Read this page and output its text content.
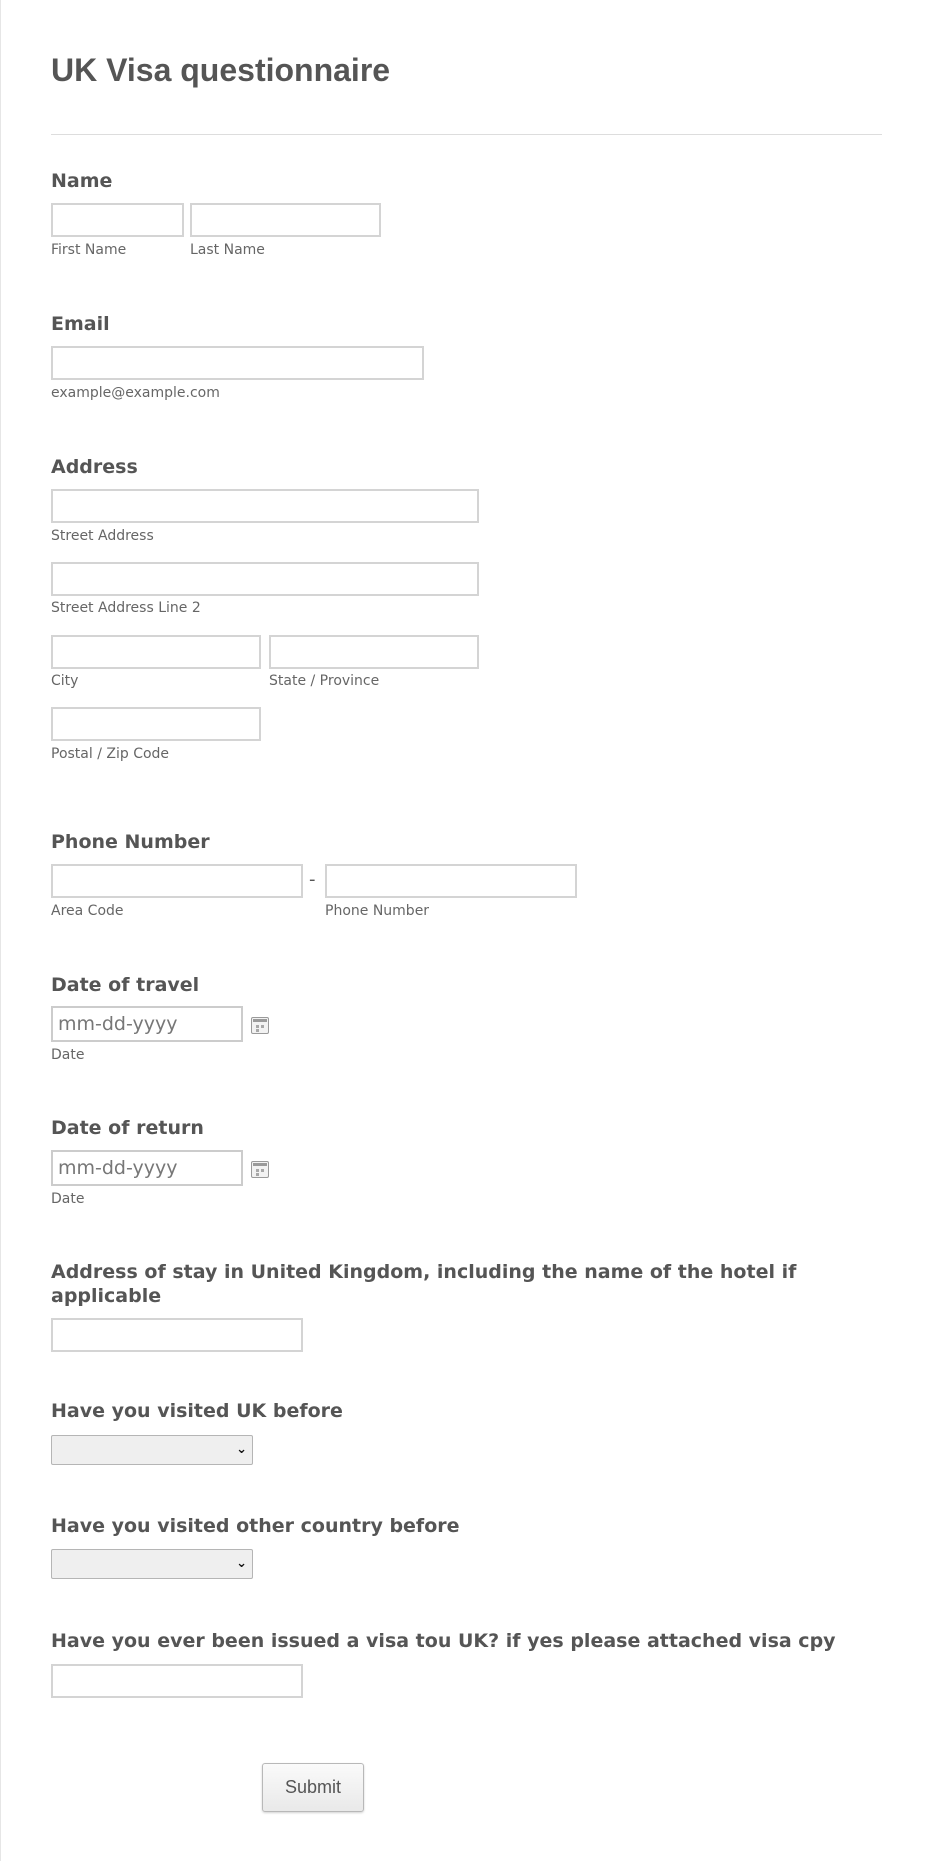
UK Visa questionnaire
Name
First Name	Last Name
Email
example@example.com
Address
Street Address
Street Address Line 2
City	State / Province
Postal / Zip Code
Phone Number
-
Area Code	Phone Number
Date of travel
mm-dd-yyyy
Date
Date of return
mm-dd-yyyy
Date
Address of stay in United Kingdom, including the name of the hotel if applicable
Have you visited UK before
⌄
Have you visited other country before
⌄
Have you ever been issued a visa tou UK? if yes please attached visa cpy
Submit
